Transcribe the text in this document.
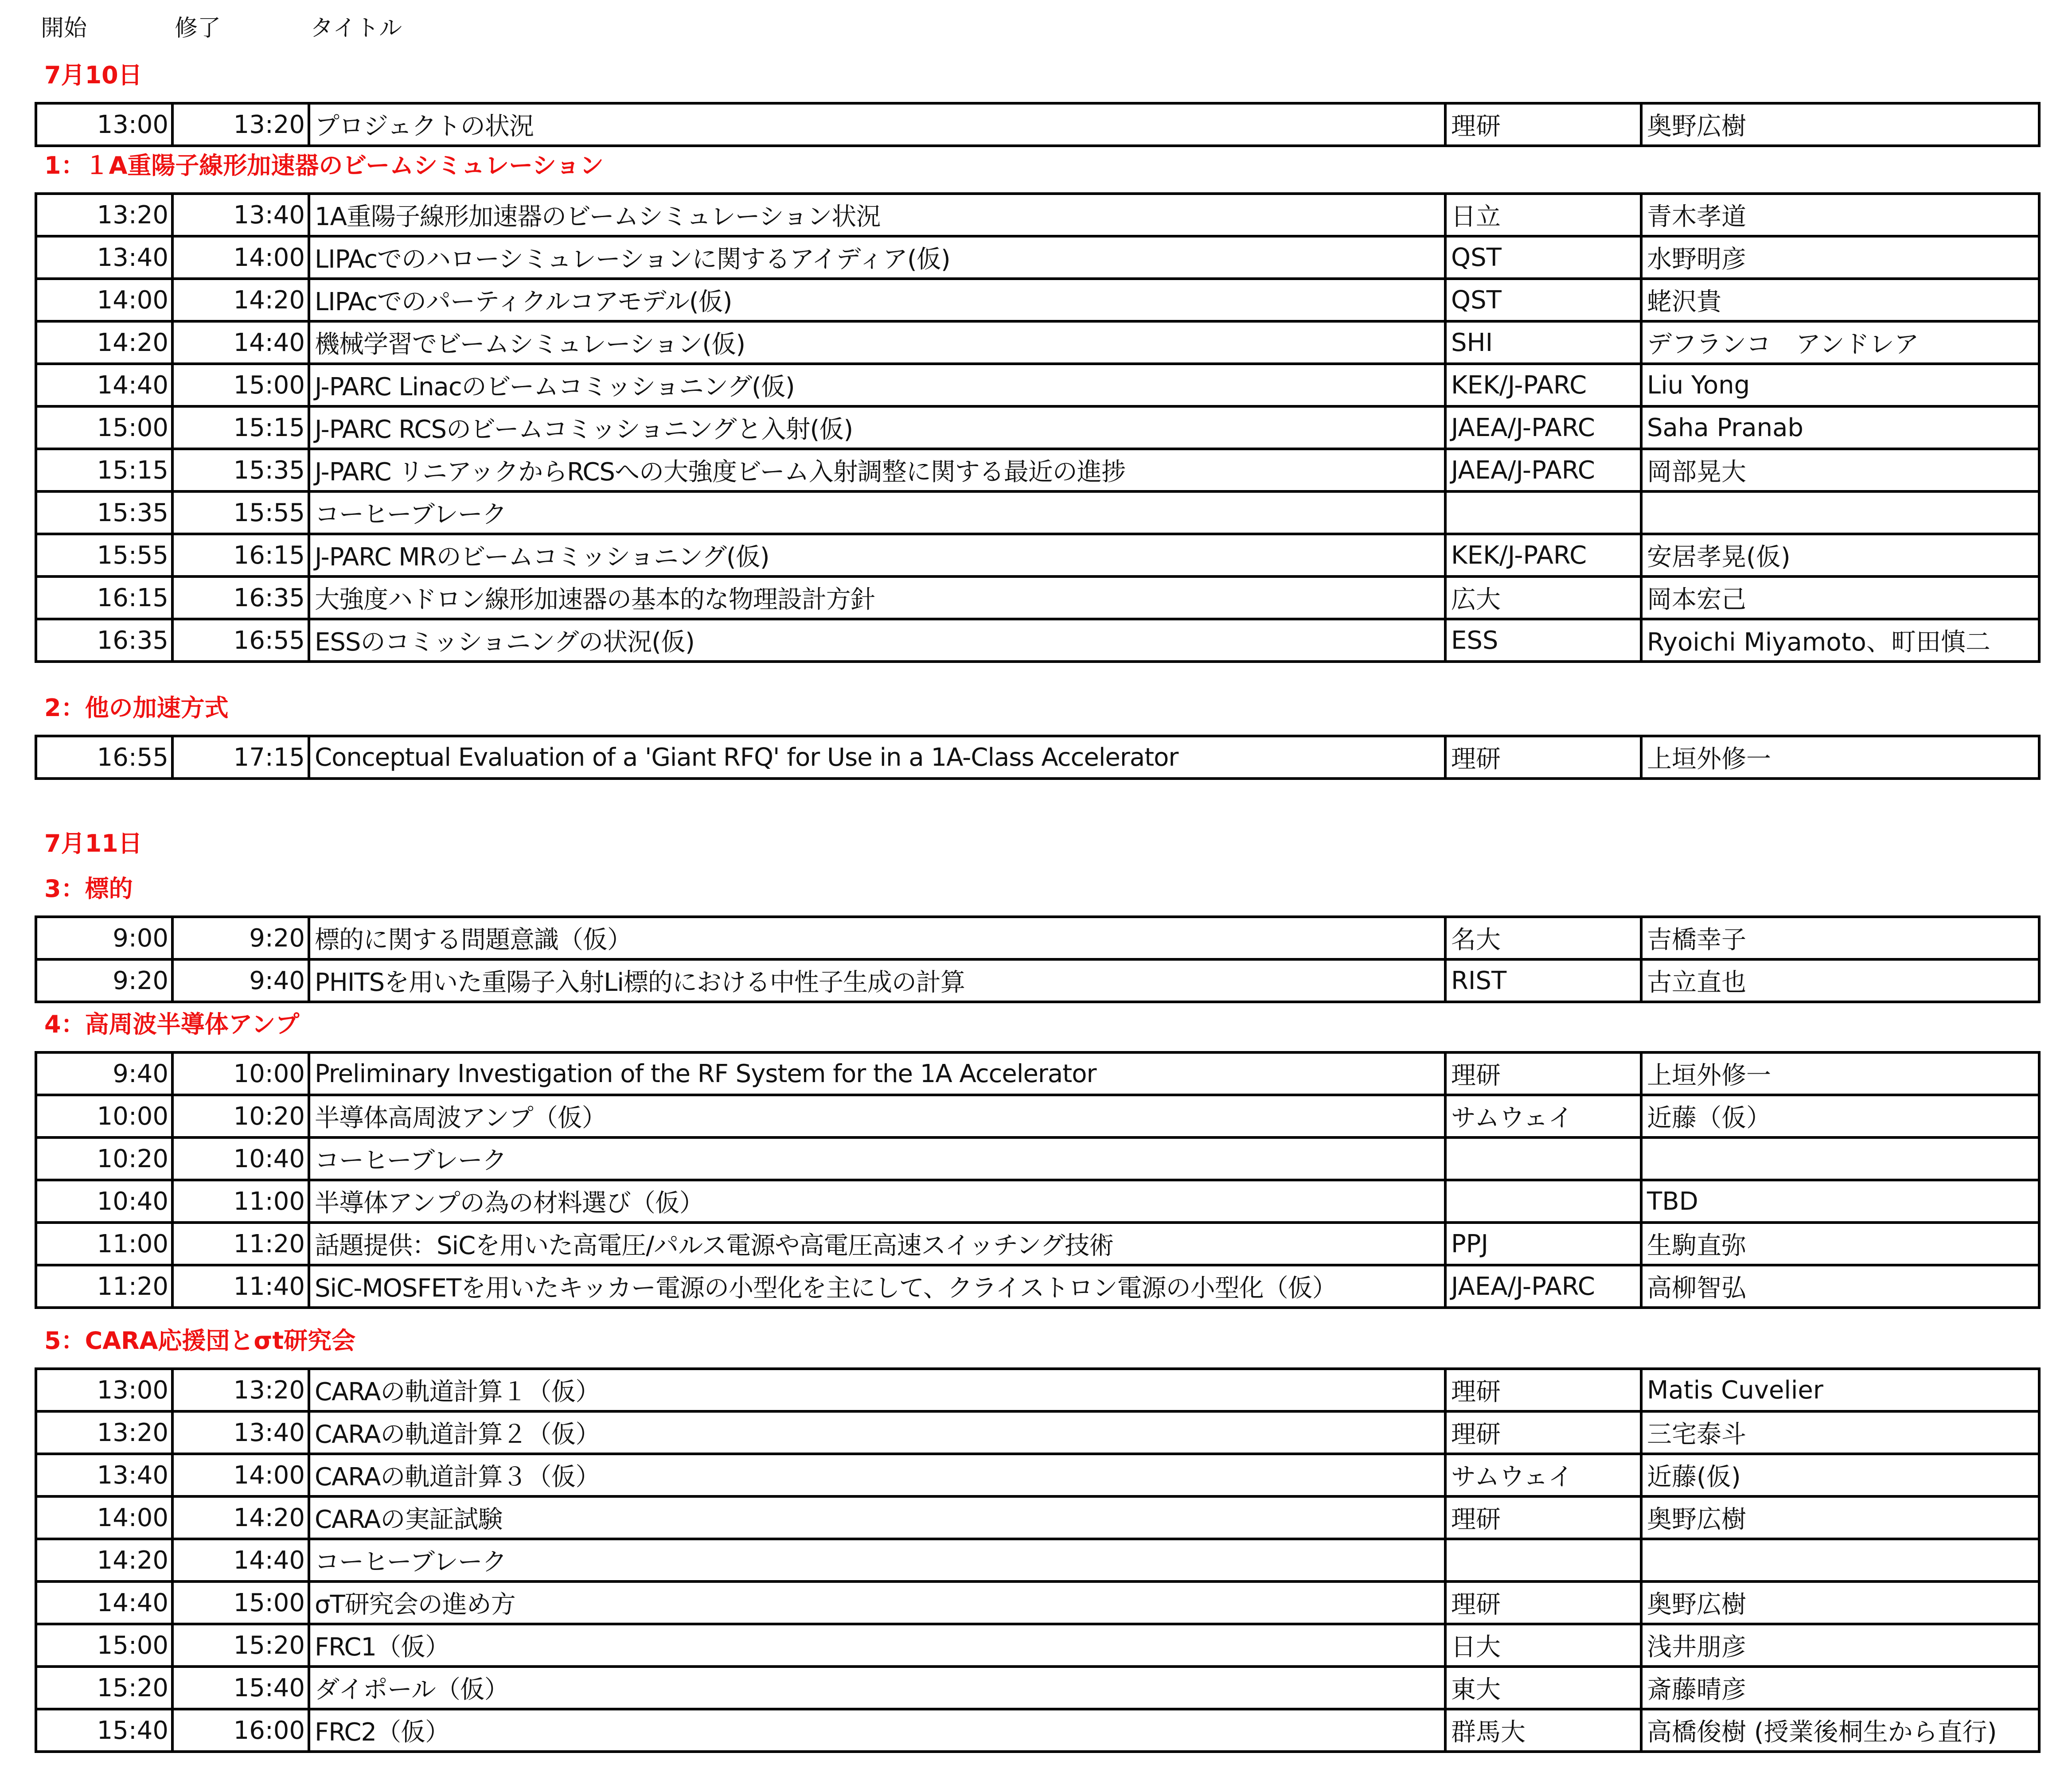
開始	修了	タイトル
7月10日
13:00	13:20	プロジェクトの状況	理研	奥野広樹
1：１A重陽子線形加速器のビームシミュレーション
13:20	13:40	1A重陽子線形加速器のビームシミュレーション状況	日立	青木孝道
13:40	14:00	LIPAcでのハローシミュレーションに関するアイディア(仮)	QST	水野明彦
14:00	14:20	LIPAcでのパーティクルコアモデル(仮)	QST	蛯沢貴
14:20	14:40	機械学習でビームシミュレーション(仮)	SHI	デフランコ　アンドレア
14:40	15:00	J-PARC Linacのビームコミッショニング(仮)	KEK/J-PARC	Liu Yong
15:00	15:15	J-PARC RCSのビームコミッショニングと入射(仮)	JAEA/J-PARC	Saha Pranab
15:15	15:35	J-PARC リニアックからRCSへの大強度ビーム入射調整に関する最近の進捗	JAEA/J-PARC	岡部晃大
15:35	15:55	コーヒーブレーク		
15:55	16:15	J-PARC MRのビームコミッショニング(仮)	KEK/J-PARC	安居孝晃(仮)
16:15	16:35	大強度ハドロン線形加速器の基本的な物理設計方針	広大	岡本宏己
16:35	16:55	ESSのコミッショニングの状況(仮)	ESS	Ryoichi Miyamoto、町田慎二
2：他の加速方式
16:55	17:15	Conceptual Evaluation of a 'Giant RFQ' for Use in a 1A-Class Accelerator	理研	上垣外修一
7月11日
3：標的
9:00	9:20	標的に関する問題意識（仮）	名大	吉橋幸子
9:20	9:40	PHITSを用いた重陽子入射Li標的における中性子生成の計算	RIST	古立直也
4：高周波半導体アンプ
9:40	10:00	Preliminary Investigation of the RF System for the 1A Accelerator	理研	上垣外修一
10:00	10:20	半導体高周波アンプ（仮）	サムウェイ	近藤（仮）
10:20	10:40	コーヒーブレーク		
10:40	11:00	半導体アンプの為の材料選び（仮）		TBD
11:00	11:20	話題提供：SiCを用いた高電圧/パルス電源や高電圧高速スイッチング技術	PPJ	生駒直弥
11:20	11:40	SiC-MOSFETを用いたキッカー電源の小型化を主にして、クライストロン電源の小型化（仮）	JAEA/J-PARC	高柳智弘
5：CARA応援団とσt研究会
13:00	13:20	CARAの軌道計算１（仮）	理研	Matis Cuvelier
13:20	13:40	CARAの軌道計算２（仮）	理研	三宅泰斗
13:40	14:00	CARAの軌道計算３（仮）	サムウェイ	近藤(仮)
14:00	14:20	CARAの実証試験	理研	奥野広樹
14:20	14:40	コーヒーブレーク		
14:40	15:00	σT研究会の進め方	理研	奥野広樹
15:00	15:20	FRC1（仮）	日大	浅井朋彦
15:20	15:40	ダイポール（仮）	東大	斎藤晴彦
15:40	16:00	FRC2（仮）	群馬大	高橋俊樹 (授業後桐生から直行)
